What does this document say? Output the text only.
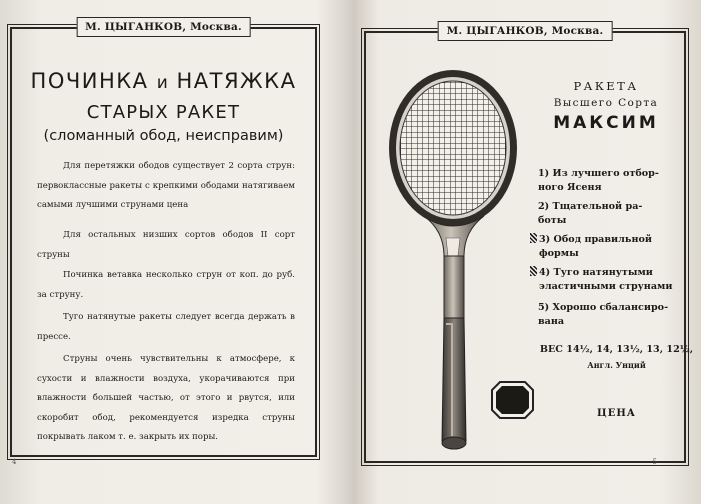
М. ЦЫГАНКОВ, Москва.
ПОЧИНКА и НАТЯЖКА
СТАРЫХ РАКЕТ
(сломанный обод, неисправим)

Для перетяжки ободов существует 2 сорта струн: первоклассные ракеты с крепкими ободами натягиваем самыми лучшими струнами цена

Для остальных низших сортов ободов II сорт струны

Починка ветавка несколько струн от коп. до руб. за струну.

Туго натянутые ракеты следует всегда держать в прессе.

Струны очень чувствительны к атмосфере, к сухости и влажности воздуха, укорачиваются при влажности большей частью, от этого и рвутся, или скоробит обод, рекомендуется изредка струны покрывать лаком т. е. закрыть их поры.

4
М. ЦЫГАНКОВ, Москва.
РАКЕТА
Высшего Сорта
МАКСИМ
1) Из лучшего отбор-
ного Ясеня
2) Тщательной ра-
боты
3) Обод правильной
формы
4) Туго натянутыми
эластичными струнами
5) Хорошо сбалансиро-
вана
ВЕС 14½, 14, 13½, 13, 12½,
Англ. Унций
ЦЕНА
5
